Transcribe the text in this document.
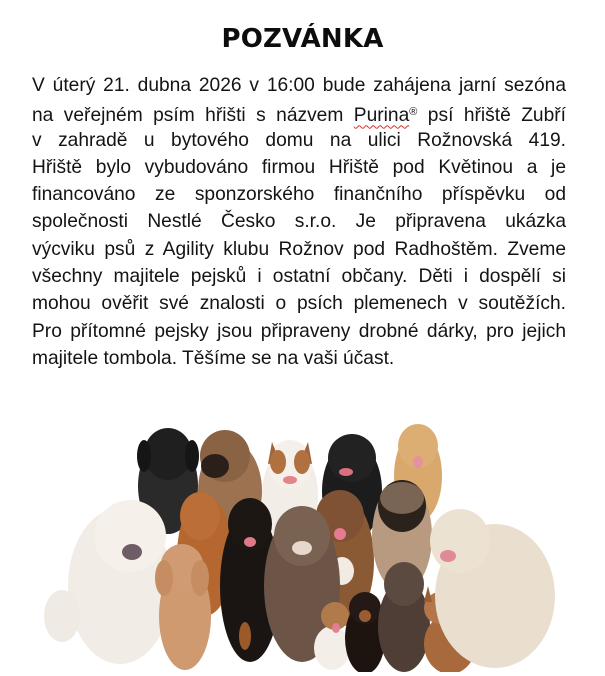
POZVÁNKA
V úterý 21. dubna 2026 v 16:00 bude zahájena jarní sezóna
na veřejném psím hřišti s názvem Purina® psí hřiště Zubří
v zahradě u bytového domu na ulici Rožnovská 419.
Hřiště bylo vybudováno firmou Hřiště pod Květinou a je
financováno ze sponzorského finančního příspěvku od
společnosti Nestlé Česko s.r.o. Je připravena ukázka
výcviku psů z Agility klubu Rožnov pod Radhoštěm. Zveme
všechny majitele pejsků i ostatní občany. Děti i dospělí si
mohou ověřit své znalosti o psích plemenech v soutěžích.
Pro přítomné pejsky jsou připraveny drobné dárky, pro jejich
majitele tombola. Těšíme se na vaši účast.
